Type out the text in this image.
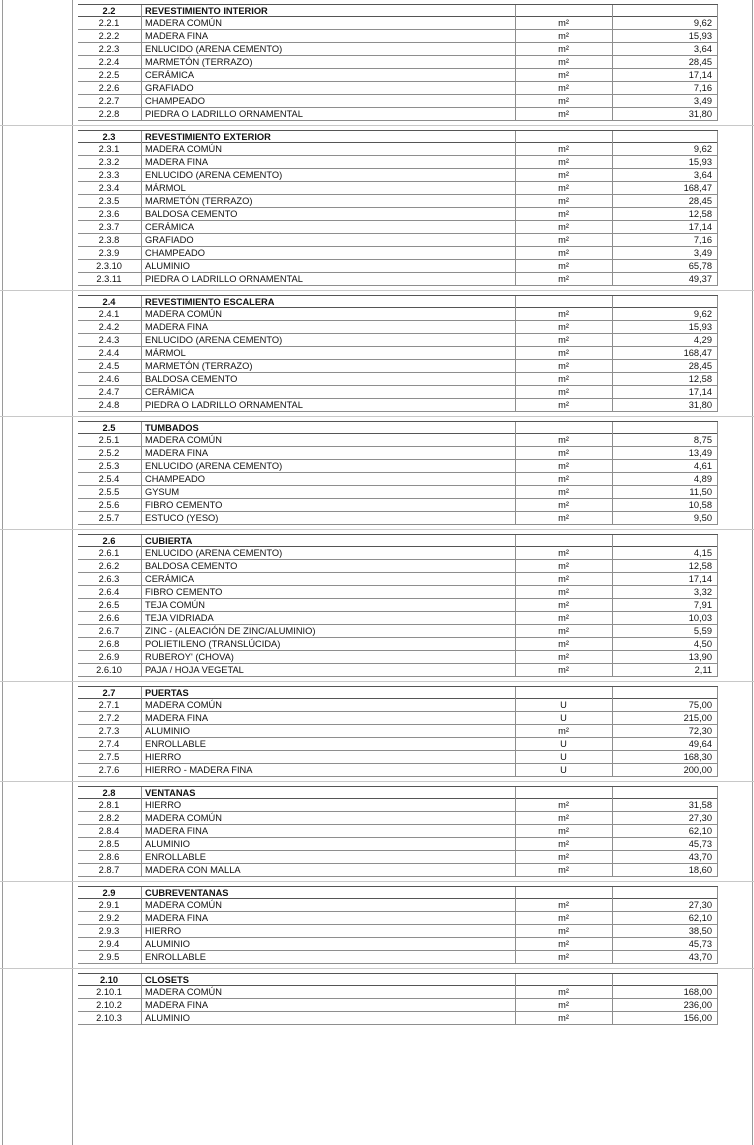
2.2	REVESTIMIENTO INTERIOR
2.2.1	MADERA COMÚN	m²	9,62
2.2.2	MADERA FINA	m²	15,93
2.2.3	ENLUCIDO (ARENA CEMENTO)	m²	3,64
2.2.4	MARMETÓN (TERRAZO)	m²	28,45
2.2.5	CERÁMICA	m²	17,14
2.2.6	GRAFIADO	m²	7,16
2.2.7	CHAMPEADO	m²	3,49
2.2.8	PIEDRA O LADRILLO ORNAMENTAL	m²	31,80
2.3	REVESTIMIENTO EXTERIOR
2.3.1	MADERA COMÚN	m²	9,62
2.3.2	MADERA FINA	m²	15,93
2.3.3	ENLUCIDO (ARENA CEMENTO)	m²	3,64
2.3.4	MÁRMOL	m²	168,47
2.3.5	MARMETÓN (TERRAZO)	m²	28,45
2.3.6	BALDOSA CEMENTO	m²	12,58
2.3.7	CERÁMICA	m²	17,14
2.3.8	GRAFIADO	m²	7,16
2.3.9	CHAMPEADO	m²	3,49
2.3.10	ALUMINIO	m²	65,78
2.3.11	PIEDRA O LADRILLO ORNAMENTAL	m²	49,37
2.4	REVESTIMIENTO ESCALERA
2.4.1	MADERA COMÚN	m²	9,62
2.4.2	MADERA FINA	m²	15,93
2.4.3	ENLUCIDO (ARENA CEMENTO)	m²	4,29
2.4.4	MÁRMOL	m²	168,47
2.4.5	MARMETÓN (TERRAZO)	m²	28,45
2.4.6	BALDOSA CEMENTO	m²	12,58
2.4.7	CERÁMICA	m²	17,14
2.4.8	PIEDRA O LADRILLO ORNAMENTAL	m²	31,80
2.5	TUMBADOS
2.5.1	MADERA COMÚN	m²	8,75
2.5.2	MADERA FINA	m²	13,49
2.5.3	ENLUCIDO (ARENA CEMENTO)	m²	4,61
2.5.4	CHAMPEADO	m²	4,89
2.5.5	GYSUM	m²	11,50
2.5.6	FIBRO CEMENTO	m²	10,58
2.5.7	ESTUCO (YESO)	m²	9,50
2.6	CUBIERTA
2.6.1	ENLUCIDO (ARENA CEMENTO)	m²	4,15
2.6.2	BALDOSA CEMENTO	m²	12,58
2.6.3	CERÁMICA	m²	17,14
2.6.4	FIBRO CEMENTO	m²	3,32
2.6.5	TEJA COMÚN	m²	7,91
2.6.6	TEJA VIDRIADA	m²	10,03
2.6.7	ZINC - (ALEACIÓN DE ZINC/ALUMINIO)	m²	5,59
2.6.8	POLIETILENO (TRANSLÚCIDA)	m²	4,50
2.6.9	RUBEROY' (CHOVA)	m²	13,90
2.6.10	PAJA / HOJA VEGETAL	m²	2,11
2.7	PUERTAS
2.7.1	MADERA COMÚN	U	75,00
2.7.2	MADERA FINA	U	215,00
2.7.3	ALUMINIO	m²	72,30
2.7.4	ENROLLABLE	U	49,64
2.7.5	HIERRO	U	168,30
2.7.6	HIERRO - MADERA FINA	U	200,00
2.8	VENTANAS
2.8.1	HIERRO	m²	31,58
2.8.2	MADERA COMÚN	m²	27,30
2.8.4	MADERA FINA	m²	62,10
2.8.5	ALUMINIO	m²	45,73
2.8.6	ENROLLABLE	m²	43,70
2.8.7	MADERA CON MALLA	m²	18,60
2.9	CUBREVENTANAS
2.9.1	MADERA COMÚN	m²	27,30
2.9.2	MADERA FINA	m²	62,10
2.9.3	HIERRO	m²	38,50
2.9.4	ALUMINIO	m²	45,73
2.9.5	ENROLLABLE	m²	43,70
2.10	CLOSETS
2.10.1	MADERA COMÚN	m²	168,00
2.10.2	MADERA FINA	m²	236,00
2.10.3	ALUMINIO	m²	156,00
